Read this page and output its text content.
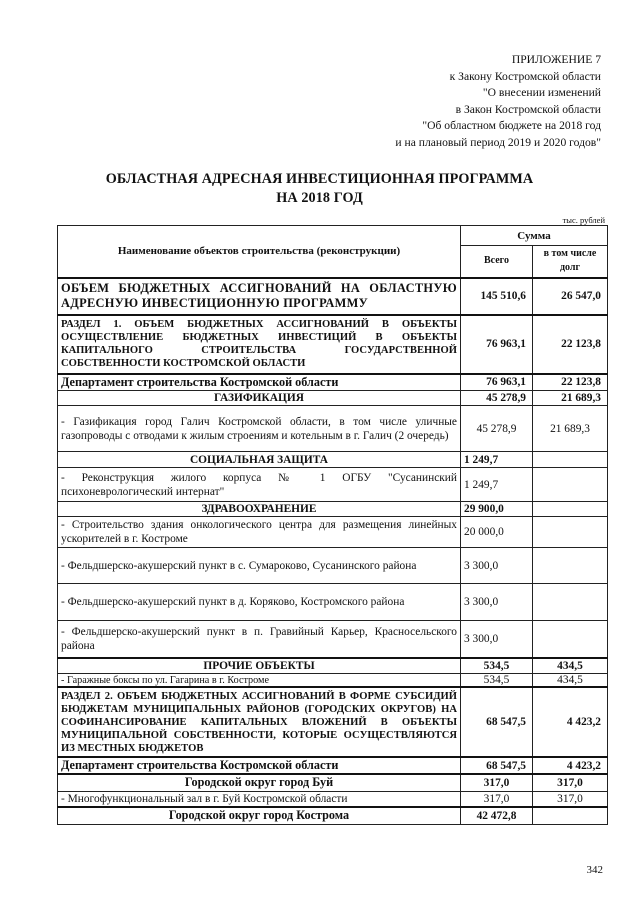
ПРИЛОЖЕНИЕ 7
к Закону Костромской области
"О внесении изменений
в Закон Костромской области
"Об областном бюджете на 2018 год
и на плановый период 2019 и 2020 годов"
ОБЛАСТНАЯ АДРЕСНАЯ ИНВЕСТИЦИОННАЯ ПРОГРАММА
НА 2018 ГОД
тыс. рублей
Наименование объектов строительства (реконструкции)	Сумма	
	Всего	в том числе долг
ОБЪЕМ БЮДЖЕТНЫХ АССИГНОВАНИЙ НА ОБЛАСТНУЮ АДРЕСНУЮ ИНВЕСТИЦИОННУЮ ПРОГРАММУ	145 510,6	26 547,0
РАЗДЕЛ 1. ОБЪЕМ БЮДЖЕТНЫХ АССИГНОВАНИЙ В ОБЪЕКТЫ ОСУЩЕСТВЛЕНИЕ БЮДЖЕТНЫХ ИНВЕСТИЦИЙ В ОБЪЕКТЫ КАПИТАЛЬНОГО СТРОИТЕЛЬСТВА ГОСУДАРСТВЕННОЙ СОБСТВЕННОСТИ КОСТРОМСКОЙ ОБЛАСТИ	76 963,1	22 123,8
Департамент строительства Костромской области	76 963,1	22 123,8
ГАЗИФИКАЦИЯ	45 278,9	21 689,3
- Газификация город Галич Костромской области, в том числе уличные газопроводы с отводами к жилым строениям и котельным в г. Галич (2 очередь)	45 278,9	21 689,3
СОЦИАЛЬНАЯ ЗАЩИТА	1 249,7	
- Реконструкция жилого корпуса № 1 ОГБУ "Сусанинский психоневрологический интернат"	1 249,7	
ЗДРАВООХРАНЕНИЕ	29 900,0	
- Строительство здания онкологического центра для размещения линейных ускорителей в г. Костроме	20 000,0	
- Фельдшерско-акушерский пункт в с. Сумароково, Сусанинского района	3 300,0	
- Фельдшерско-акушерский пункт в д. Коряково, Костромского района	3 300,0	
- Фельдшерско-акушерский пункт в п. Гравийный Карьер, Красносельского района	3 300,0	
ПРОЧИЕ ОБЪЕКТЫ	534,5	434,5
- Гаражные боксы по ул. Гагарина в г. Костроме	534,5	434,5
РАЗДЕЛ 2. ОБЪЕМ БЮДЖЕТНЫХ АССИГНОВАНИЙ В ФОРМЕ СУБСИДИЙ БЮДЖЕТАМ МУНИЦИПАЛЬНЫХ РАЙОНОВ (ГОРОДСКИХ ОКРУГОВ) НА СОФИНАНСИРОВАНИЕ КАПИТАЛЬНЫХ ВЛОЖЕНИЙ В ОБЪЕКТЫ МУНИЦИПАЛЬНОЙ СОБСТВЕННОСТИ, КОТОРЫЕ ОСУЩЕСТВЛЯЮТСЯ ИЗ МЕСТНЫХ БЮДЖЕТОВ	68 547,5	4 423,2
Департамент строительства Костромской области	68 547,5	4 423,2
Городской округ город Буй	317,0	317,0
- Многофункциональный зал в г. Буй Костромской области	317,0	317,0
Городской округ город Кострома	42 472,8	
342
